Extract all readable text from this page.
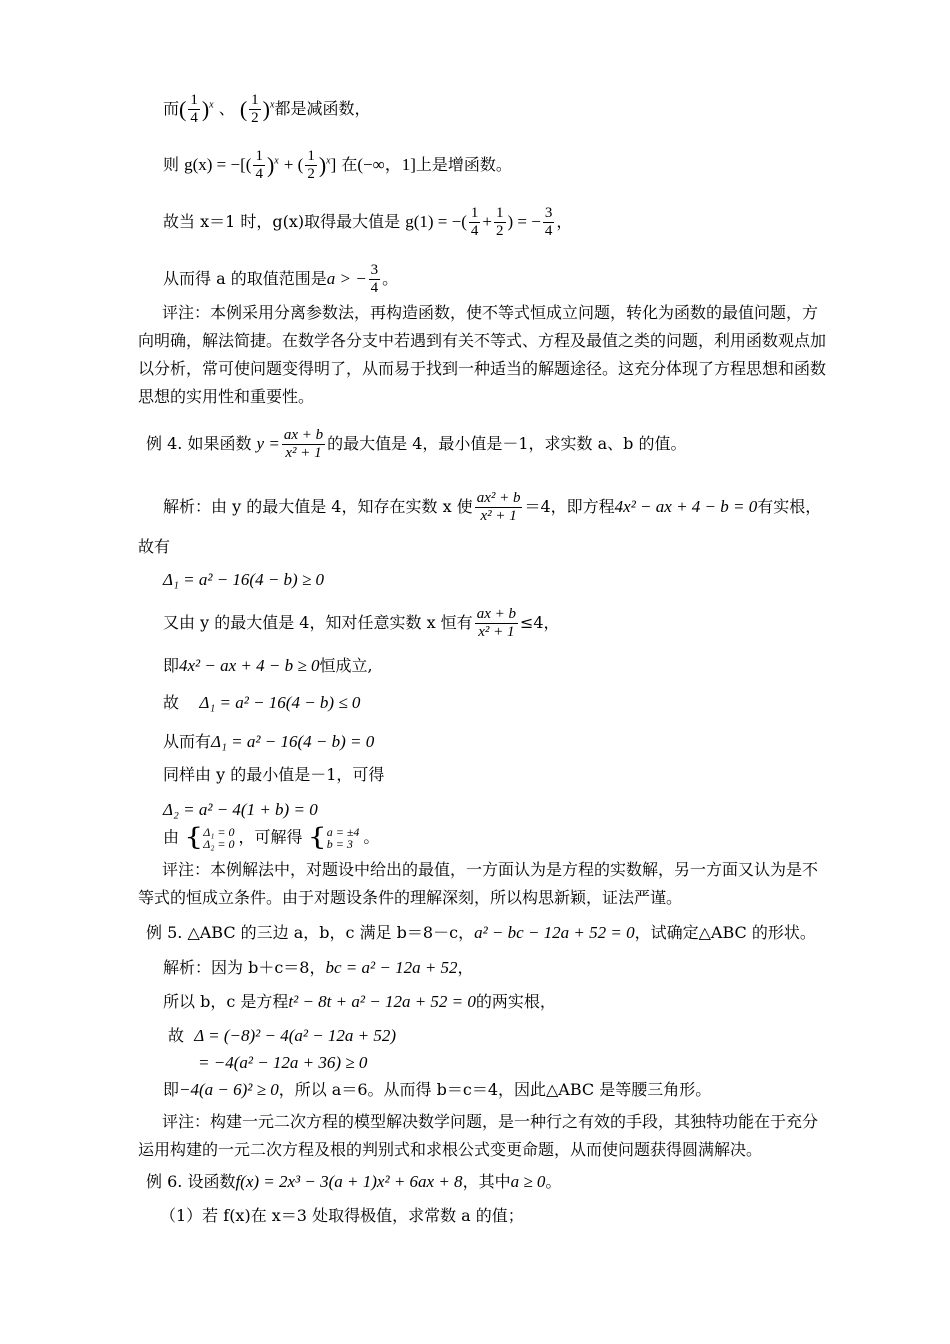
而( $\frac{1}{4} )^x$ 、 ( $\frac{1}{2} )^x$都是减函数，
则 g(x) = −[( $\frac{1}{4} )^x$ + ( $\frac{1}{2} )^x$] 在(−∞，1]上是增函数。
故当 x＝1 时，g(x)取得最大值是 g(1) = −( $\frac{1}{4} + \frac{1}{2}$ ) = − $\frac{3}{4}$ ，
从而得 a 的取值范围是a > − $\frac{3}{4}$ 。
评注：本例采用分离参数法，再构造函数，使不等式恒成立问题，转化为函数的最值问题，方向明确，解法简捷。在数学各分支中若遇到有关不等式、方程及最值之类的问题，利用函数观点加以分析，常可使问题变得明了，从而易于找到一种适当的解题途径。这充分体现了方程思想和函数思想的实用性和重要性。
例 4. 如果函数 $y = \frac{ax + b}{\text{x² + 1}}$ 的最大值是 4，最小值是－1，求实数 a、b 的值。
解析：由 y 的最大值是 4，知存在实数 x 使 $\frac{\text{ax² + b}}{\text{x² + 1}} =4$，即方程4x² − ax + 4 − b = 0有实根，
故有
Δ₁ = a² − 16(4 − b) ≥ 0
又由 y 的最大值是 4，知对任意实数 x 恒有 $\frac{ax + b}{\text{x² + 1}} \le 4$，
即4x² − ax + 4 − b ≥ 0恒成立,
故 Δ₁ = a² − 16(4 − b) ≤ 0
从而有Δ₁ = a² − 16(4 − b) = 0
同样由 y 的最小值是－1，可得
Δ₂ = a² − 4(1 + b) = 0
由 { Δ₁ = 0
Δ₂ = 0 ，可解得 { a = ±4
b = 3 。
评注：本例解法中，对题设中给出的最值，一方面认为是方程的实数解，另一方面又认为是不等式的恒成立条件。由于对题设条件的理解深刻，所以构思新颖，证法严谨。
例 5. △ABC 的三边 a，b，c 满足 b＝8－c，a² − bc − 12a + 52 = 0，试确定△ABC 的形状。
解析：因为 b＋c＝8，bc = a² − 12a + 52，
所以 b，c 是方程t² − 8t + a² − 12a + 52 = 0的两实根，
故 Δ = (−8)² − 4(a² − 12a + 52)
= −4(a² − 12a + 36) ≥ 0
即−4(a − 6)² ≥ 0，所以 a＝6。从而得 b＝c＝4，因此△ABC 是等腰三角形。
评注：构建一元二次方程的模型解决数学问题，是一种行之有效的手段，其独特功能在于充分运用构建的一元二次方程及根的判别式和求根公式变更命题，从而使问题获得圆满解决。
例 6. 设函数f(x) = 2x³ − 3(a + 1)x² + 6ax + 8，其中a ≥ 0。
（1）若 f(x)在 x＝3 处取得极值，求常数 a 的值；
